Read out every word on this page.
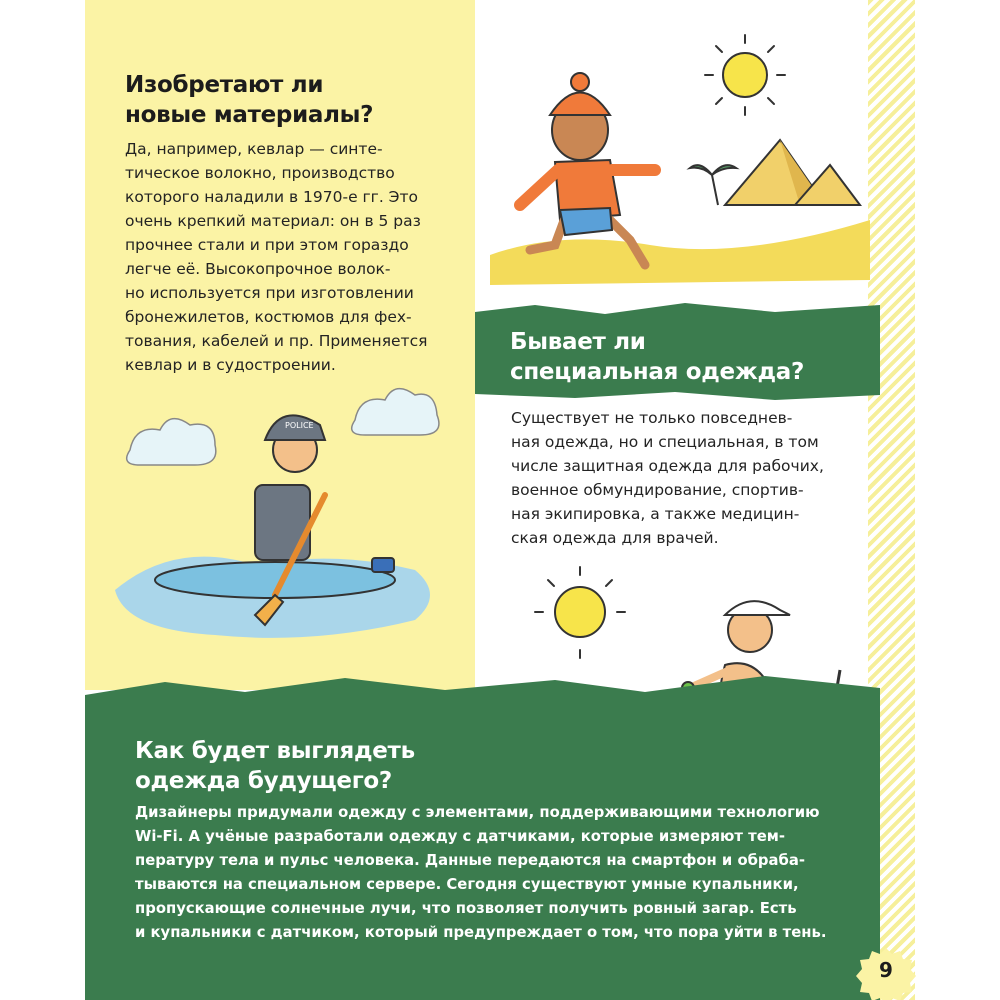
Изобретают ли
новые материалы?

Да, например, кевлар — синте-
тическое волокно, производство
которого наладили в 1970-е гг. Это
очень крепкий материал: он в 5 раз
прочнее стали и при этом гораздо
легче её. Высокопрочное волок-
но используется при изготовлении
бронежилетов, костюмов для фех-
тования, кабелей и пр. Применяется
кевлар и в судостроении.

Бывает ли
специальная одежда?

Существует не только повседнев-
ная одежда, но и специальная, в том
числе защитная одежда для рабочих,
военное обмундирование, спортив-
ная экипировка, а также медицин-
ская одежда для врачей.

POLICE
Как будет выглядеть
одежда будущего?

Дизайнеры придумали одежду с элементами, поддерживающими технологию
Wi-Fi. А учёные разработали одежду с датчиками, которые измеряют тем-
пературу тела и пульс человека. Данные передаются на смартфон и обраба-
тываются на специальном сервере. Сегодня существуют умные купальники,
пропускающие солнечные лучи, что позволяет получить ровный загар. Есть
и купальники с датчиком, который предупреждает о том, что пора уйти в тень.

9
